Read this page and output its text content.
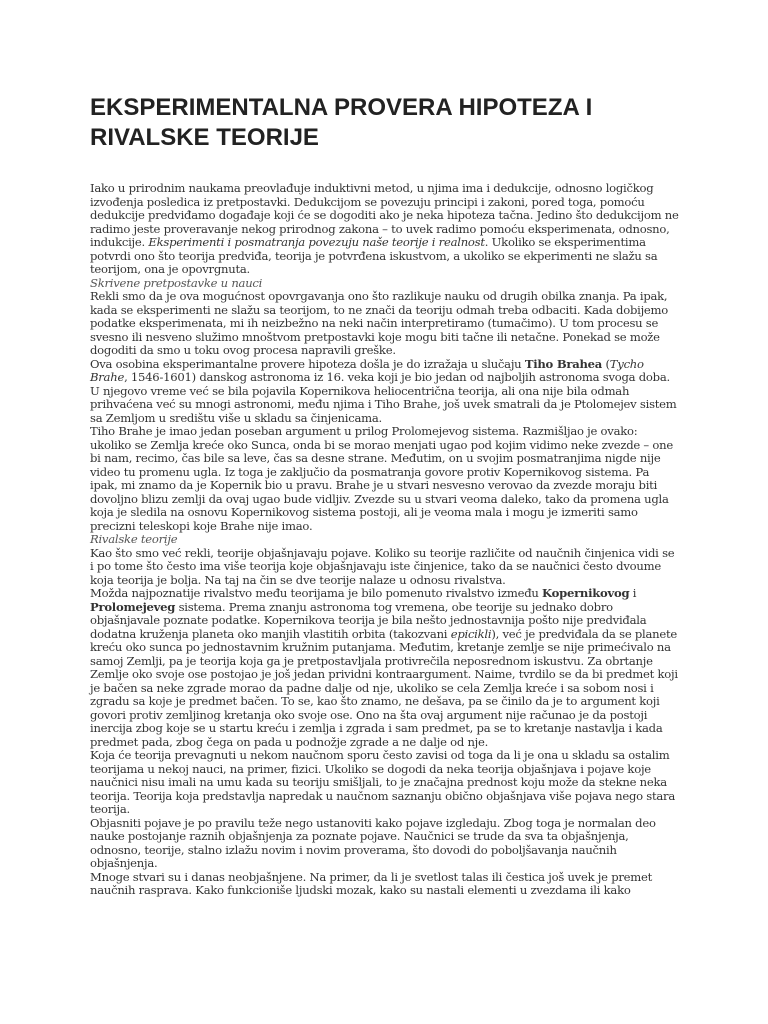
EKSPERIMENTALNA PROVERA HIPOTEZA I RIVALSKE TEORIJE

Iako u prirodnim naukama preovlađuje induktivni metod, u njima ima i dedukcije, odnosno logičkog izvođenja posledica iz pretpostavki. Dedukcijom se povezuju principi i zakoni, pored toga, pomoću dedukcije predviđamo događaje koji će se dogoditi ako je neka hipoteza tačna. Jedino što dedukcijom ne radimo jeste proveravanje nekog prirodnog zakona – to uvek radimo pomoću eksperimenata, odnosno, indukcije. Eksperimenti i posmatranja povezuju naše teorije i realnost. Ukoliko se eksperimentima potvrdi ono što teorija predviđa, teorija je potvrđena iskustvom, a ukoliko se ekperimenti ne slažu sa teorijom, ona je opovrgnuta.

Skrivene pretpostavke u nauci

Rekli smo da je ova mogućnost opovrgavanja ono što razlikuje nauku od drugih obilka znanja. Pa ipak, kada se eksperimenti ne slažu sa teorijom, to ne znači da teoriju odmah treba odbaciti. Kada dobijemo podatke eksperimenata, mi ih neizbežno na neki način interpretiramo (tumačimo). U tom procesu se svesno ili nesveno služimo mnoštvom pretpostavki koje mogu biti tačne ili netačne. Ponekad se može dogoditi da smo u toku ovog procesa napravili greške.

Ova osobina eksperimantalne provere hipoteza došla je do izražaja u slučaju Tiho Brahea (Tycho Brahe, 1546-1601) danskog astronoma iz 16. veka koji je bio jedan od najboljih astronoma svoga doba. U njegovo vreme već se bila pojavila Kopernikova heliocentrična teorija, ali ona nije bila odmah prihvaćena već su mnogi astronomi, među njima i Tiho Brahe, još uvek smatrali da je Ptolomejev sistem sa Zemljom u središtu više u skladu sa činjenicama.

Tiho Brahe je imao jedan poseban argument u prilog Prolomejevog sistema. Razmišljao je ovako: ukoliko se Zemlja kreće oko Sunca, onda bi se morao menjati ugao pod kojim vidimo neke zvezde – one bi nam, recimo, čas bile sa leve, čas sa desne strane. Međutim, on u svojim posmatranjima nigde nije video tu promenu ugla. Iz toga je zaključio da posmatranja govore protiv Kopernikovog sistema. Pa ipak, mi znamo da je Kopernik bio u pravu. Brahe je u stvari nesvesno verovao da zvezde moraju biti dovoljno blizu zemlji da ovaj ugao bude vidljiv. Zvezde su u stvari veoma daleko, tako da promena ugla koja je sledila na osnovu Kopernikovog sistema postoji, ali je veoma mala i mogu je izmeriti samo precizni teleskopi koje Brahe nije imao.

Rivalske teorije

Kao što smo već rekli, teorije objašnjavaju pojave. Koliko su teorije različite od naučnih činjenica vidi se i po tome što često ima više teorija koje objašnjavaju iste činjenice, tako da se naučnici često dvoume koja teorija je bolja. Na taj na čin se dve teorije nalaze u odnosu rivalstva.

Možda najpoznatije rivalstvo među teorijama je bilo pomenuto rivalstvo između Kopernikovog i Prolomejeveg sistema. Prema znanju astronoma tog vremena, obe teorije su jednako dobro objašnjavale poznate podatke. Kopernikova teorija je bila nešto jednostavnija pošto nije predviđala dodatna kruženja planeta oko manjih vlastitih orbita (takozvani epicikli), već je predviđala da se planete kreću oko sunca po jednostavnim kružnim putanjama. Međutim, kretanje zemlje se nije primećivalo na samoj Zemlji, pa je teorija koja ga je pretpostavljala protivrečila neposrednom iskustvu. Za obrtanje Zemlje oko svoje ose postojao je još jedan prividni kontraargument. Naime, tvrdilo se da bi predmet koji je bačen sa neke zgrade morao da padne dalje od nje, ukoliko se cela Zemlja kreće i sa sobom nosi i zgradu sa koje je predmet bačen. To se, kao što znamo, ne dešava, pa se činilo da je to argument koji govori protiv zemljinog kretanja oko svoje ose. Ono na šta ovaj argument nije računao je da postoji inercija zbog koje se u startu kreću i zemlja i zgrada i sam predmet, pa se to kretanje nastavlja i kada predmet pada, zbog čega on pada u podnožje zgrade a ne dalje od nje.

Koja će teorija prevagnuti u nekom naučnom sporu često zavisi od toga da li je ona u skladu sa ostalim teorijama u nekoj nauci, na primer, fizici. Ukoliko se dogodi da neka teorija objašnjava i pojave koje naučnici nisu imali na umu kada su teoriju smišljali, to je značajna prednost koju može da stekne neka teorija. Teorija koja predstavlja napredak u naučnom saznanju obično objašnjava više pojava nego stara teorija.

Objasniti pojave je po pravilu teže nego ustanoviti kako pojave izgledaju. Zbog toga je normalan deo nauke postojanje raznih objašnjenja za poznate pojave. Naučnici se trude da sva ta objašnjenja, odnosno, teorije, stalno izlažu novim i novim proverama, što dovodi do poboljšavanja naučnih objašnjenja.

Mnoge stvari su i danas neobjašnjene. Na primer, da li je svetlost talas ili čestica još uvek je premet naučnih rasprava. Kako funkcioniše ljudski mozak, kako su nastali elementi u zvezdama ili kako
